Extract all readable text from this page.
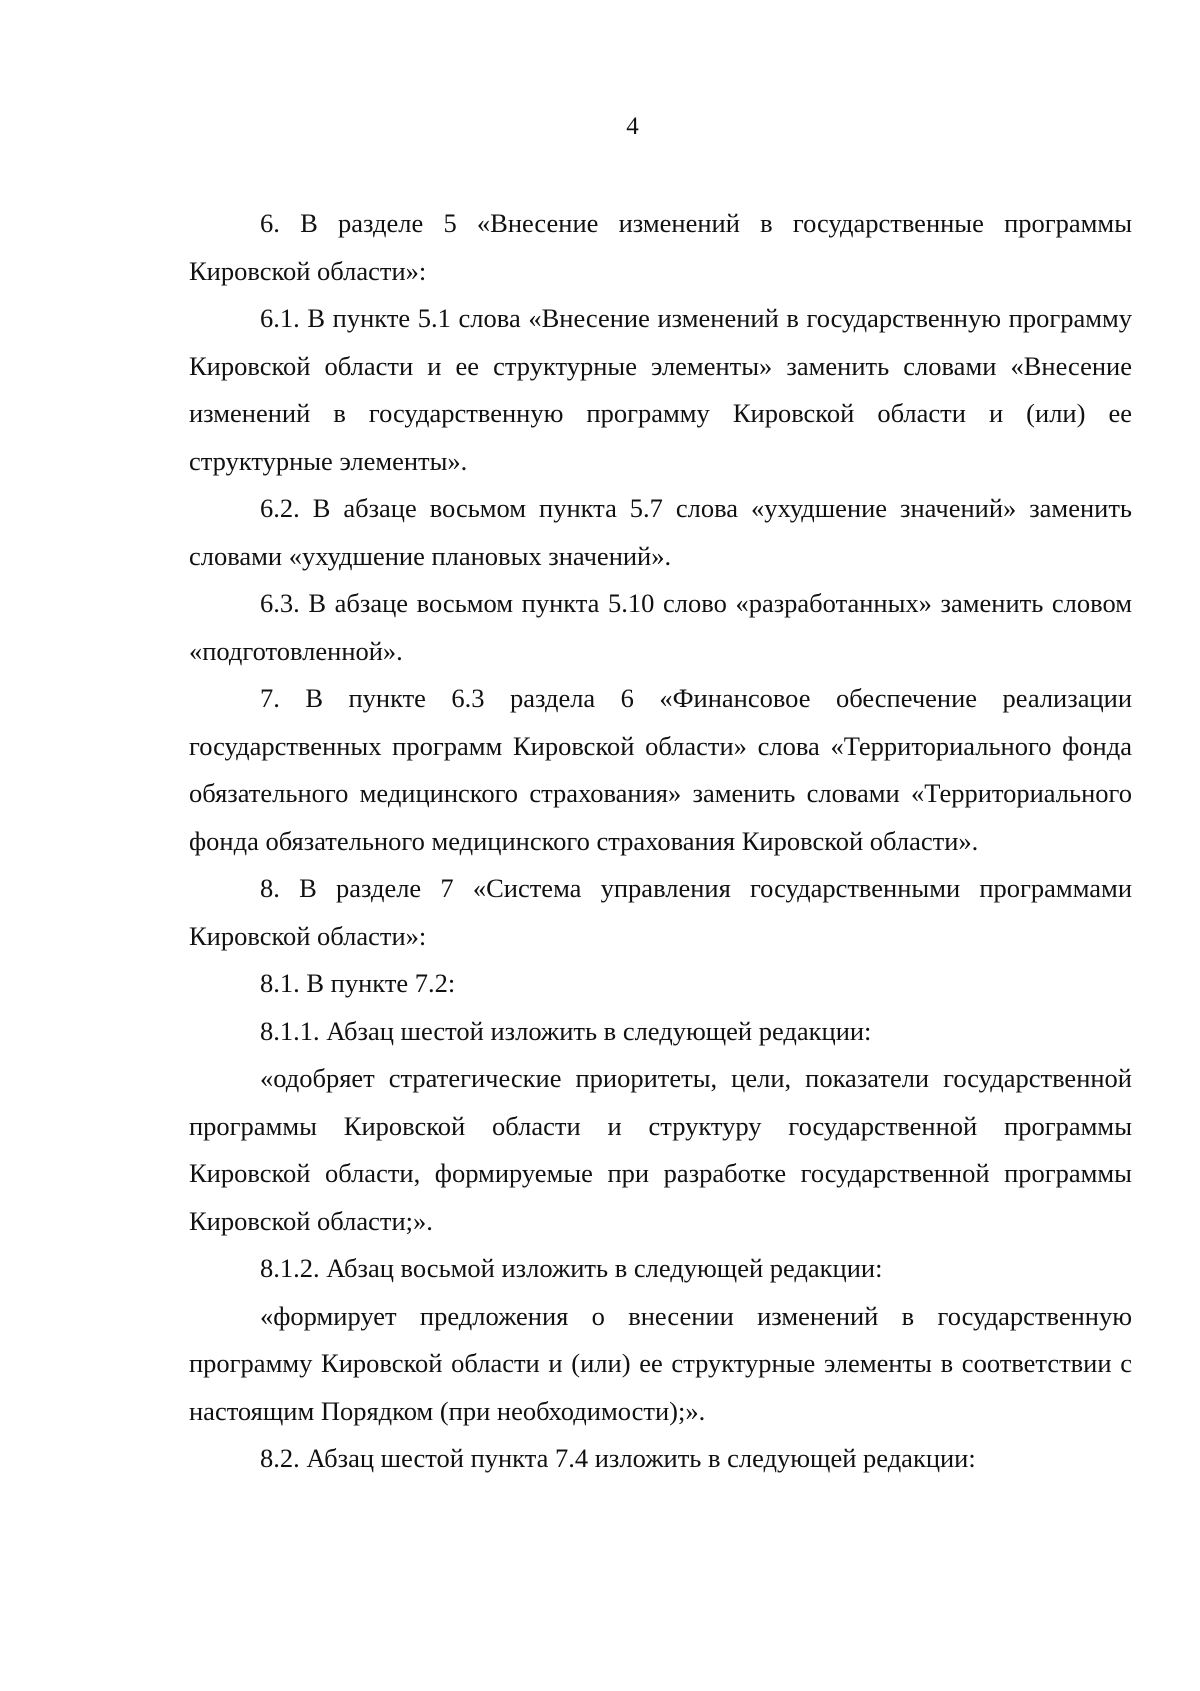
4

6. В разделе 5 «Внесение изменений в государственные программы Кировской области»:

6.1. В пункте 5.1 слова «Внесение изменений в государственную программу Кировской области и ее структурные элементы» заменить словами «Внесение изменений в государственную программу Кировской области и (или) ее структурные элементы».

6.2. В абзаце восьмом пункта 5.7 слова «ухудшение значений» заменить словами «ухудшение плановых значений».

6.3. В абзаце восьмом пункта 5.10 слово «разработанных» заменить словом «подготовленной».

7. В пункте 6.3 раздела 6 «Финансовое обеспечение реализации государственных программ Кировской области» слова «Территориального фонда обязательного медицинского страхования» заменить словами «Территориального фонда обязательного медицинского страхования Кировской области».

8. В разделе 7 «Система управления государственными программами Кировской области»:

8.1. В пункте 7.2:

8.1.1. Абзац шестой изложить в следующей редакции:

«одобряет стратегические приоритеты, цели, показатели государственной программы Кировской области и структуру государственной программы Кировской области, формируемые при разработке государственной программы Кировской области;».

8.1.2. Абзац восьмой изложить в следующей редакции:

«формирует предложения о внесении изменений в государственную программу Кировской области и (или) ее структурные элементы в соответствии с настоящим Порядком (при необходимости);».

8.2. Абзац шестой пункта 7.4 изложить в следующей редакции:
